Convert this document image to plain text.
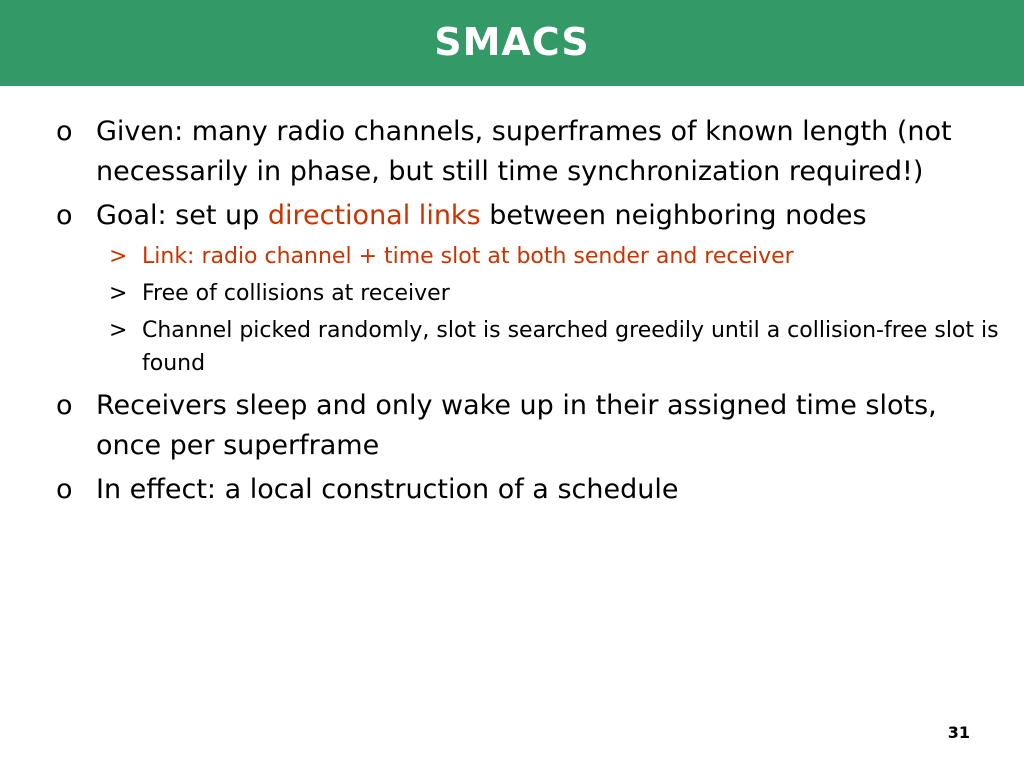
SMACS
o Given: many radio channels, superframes of known length (not necessarily in phase, but still time synchronization required!)
o Goal: set up directional links between neighboring nodes
> Link: radio channel + time slot at both sender and receiver
> Free of collisions at receiver
> Channel picked randomly, slot is searched greedily until a collision-free slot is found
o Receivers sleep and only wake up in their assigned time slots, once per superframe
o In effect: a local construction of a schedule
31
